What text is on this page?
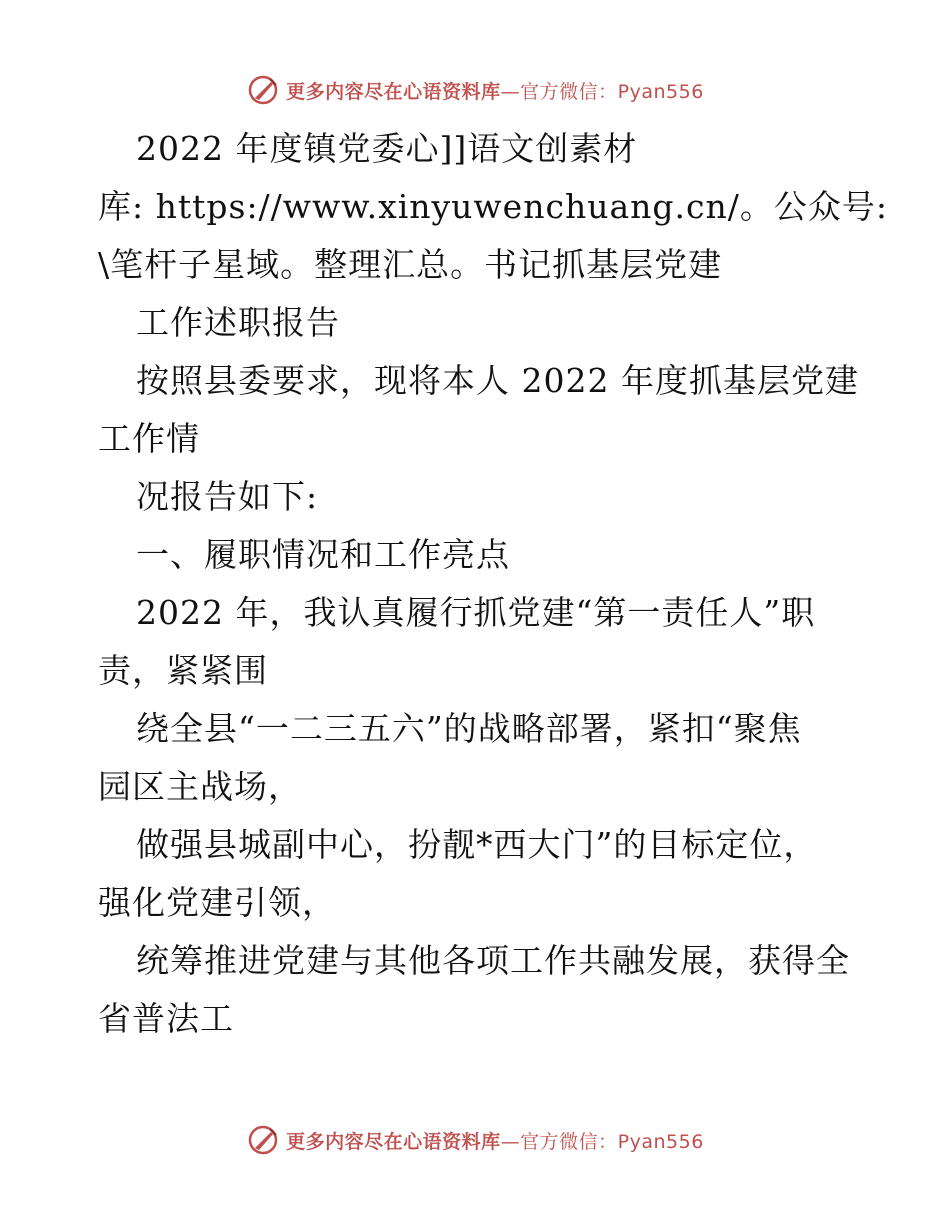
更多内容尽在心语资料库—官方微信：Pyan556
2022 年度镇党委心]]语文创素材
库: https://www.xinyuwenchuang.cn/。公众号:
\笔杆子星域。整理汇总。书记抓基层党建
工作述职报告
按照县委要求，现将本人 2022 年度抓基层党建
工作情
况报告如下:
一、履职情况和工作亮点
2022 年，我认真履行抓党建“第一责任人”职
责，紧紧围
绕全县“一二三五六”的战略部署，紧扣“聚焦
园区主战场，
做强县城副中心，扮靓*西大门”的目标定位，
强化党建引领，
统筹推进党建与其他各项工作共融发展，获得全
省普法工
更多内容尽在心语资料库—官方微信：Pyan556
